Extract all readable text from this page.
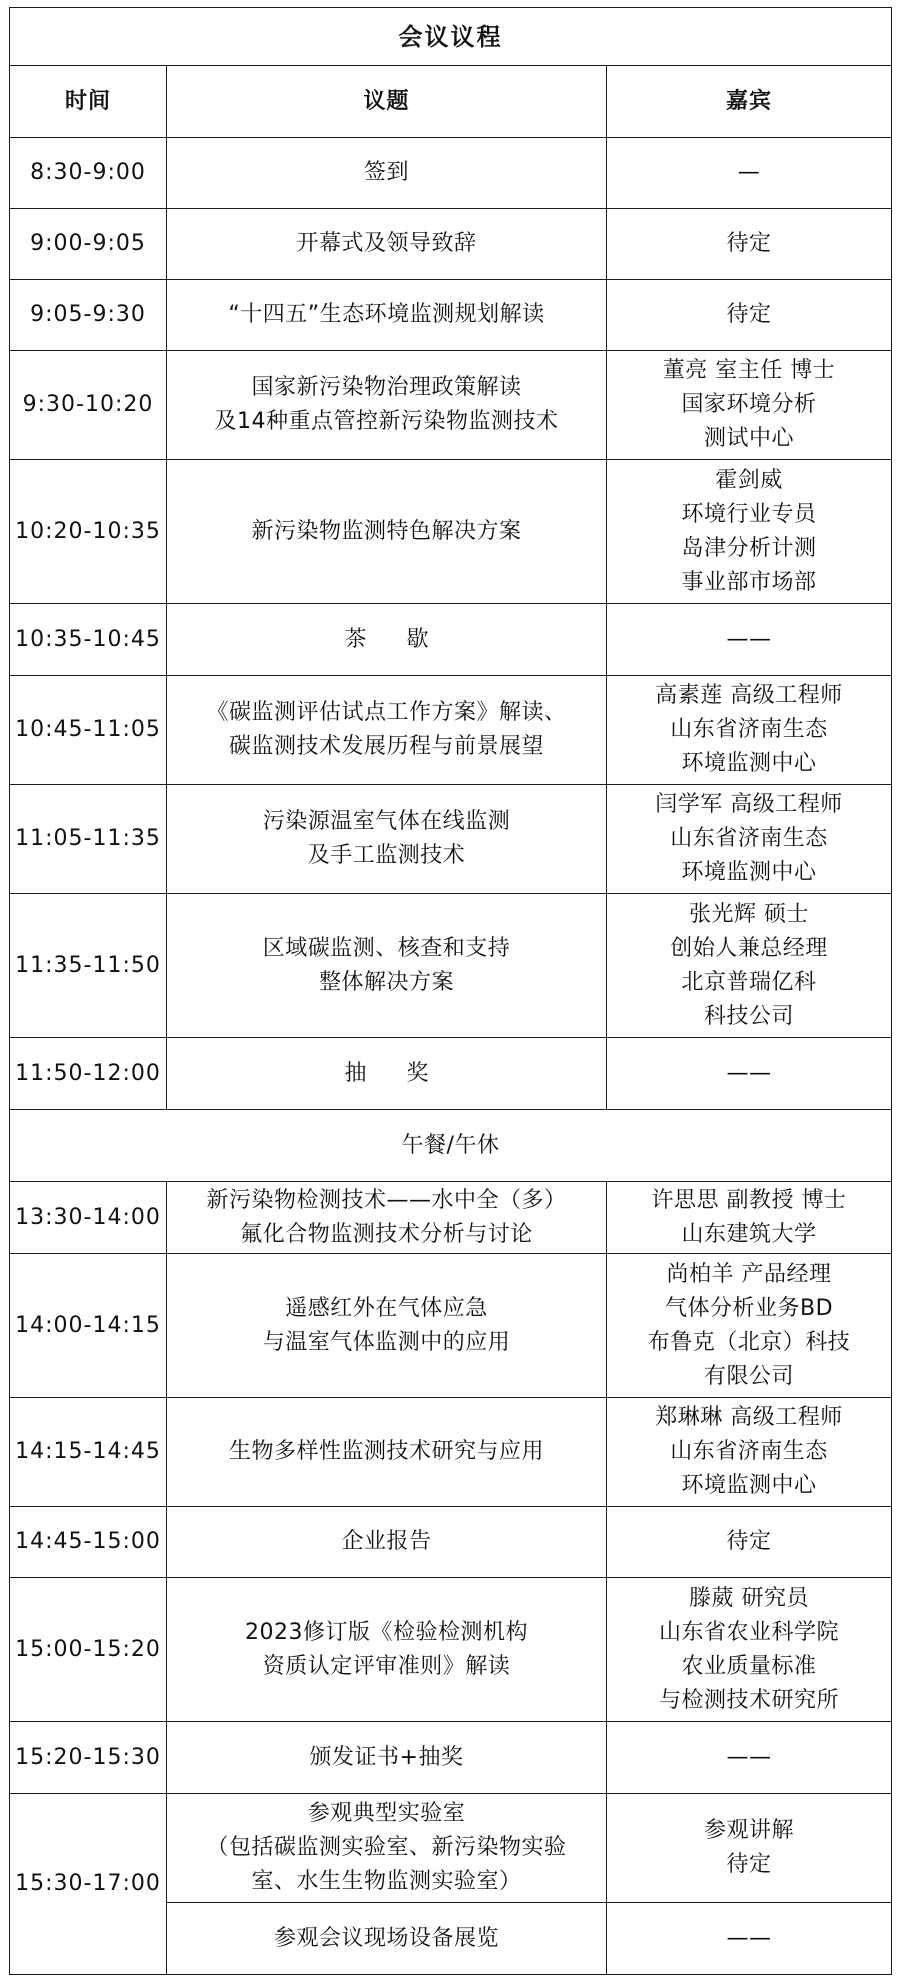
会议议程		
时间	议题	嘉宾
8:30-9:00	签到	—

9:00-9:05	开幕式及领导致辞	待定

9:05-9:30	“十四五”生态环境监测规划解读	待定

9:30-10:20	国家新污染物治理政策解读
及14种重点管控新污染物监测技术	董亮 室主任 博士
国家环境分析
测试中心

10:20-10:35	新污染物监测特色解决方案	霍剑威
环境行业专员
岛津分析计测
事业部市场部

10:35-10:45	茶歇	——

10:45-11:05	《碳监测评估试点工作方案》解读、
碳监测技术发展历程与前景展望	高素莲 高级工程师
山东省济南生态
环境监测中心

11:05-11:35	污染源温室气体在线监测
及手工监测技术	闫学军 高级工程师
山东省济南生态
环境监测中心

11:35-11:50	区域碳监测、核查和支持
整体解决方案	张光辉 硕士
创始人兼总经理
北京普瑞亿科
科技公司

11:50-12:00	抽奖	——

午餐/午休		
13:30-14:00	新污染物检测技术——水中全（多）
氟化合物监测技术分析与讨论	许思思 副教授 博士
山东建筑大学

14:00-14:15	遥感红外在气体应急
与温室气体监测中的应用	尚柏羊 产品经理
气体分析业务BD
布鲁克（北京）科技
有限公司

14:15-14:45	生物多样性监测技术研究与应用	郑琳琳 高级工程师
山东省济南生态
环境监测中心

14:45-15:00	企业报告	待定

15:00-15:20	2023修订版《检验检测机构
资质认定评审准则》解读	滕葳 研究员
山东省农业科学院
农业质量标准
与检测技术研究所

15:20-15:30	颁发证书+抽奖	——

15:30-17:00	参观典型实验室
（包括碳监测实验室、新污染物实验
室、水生生物监测实验室）	参观讲解
待定

	参观会议现场设备展览	——
